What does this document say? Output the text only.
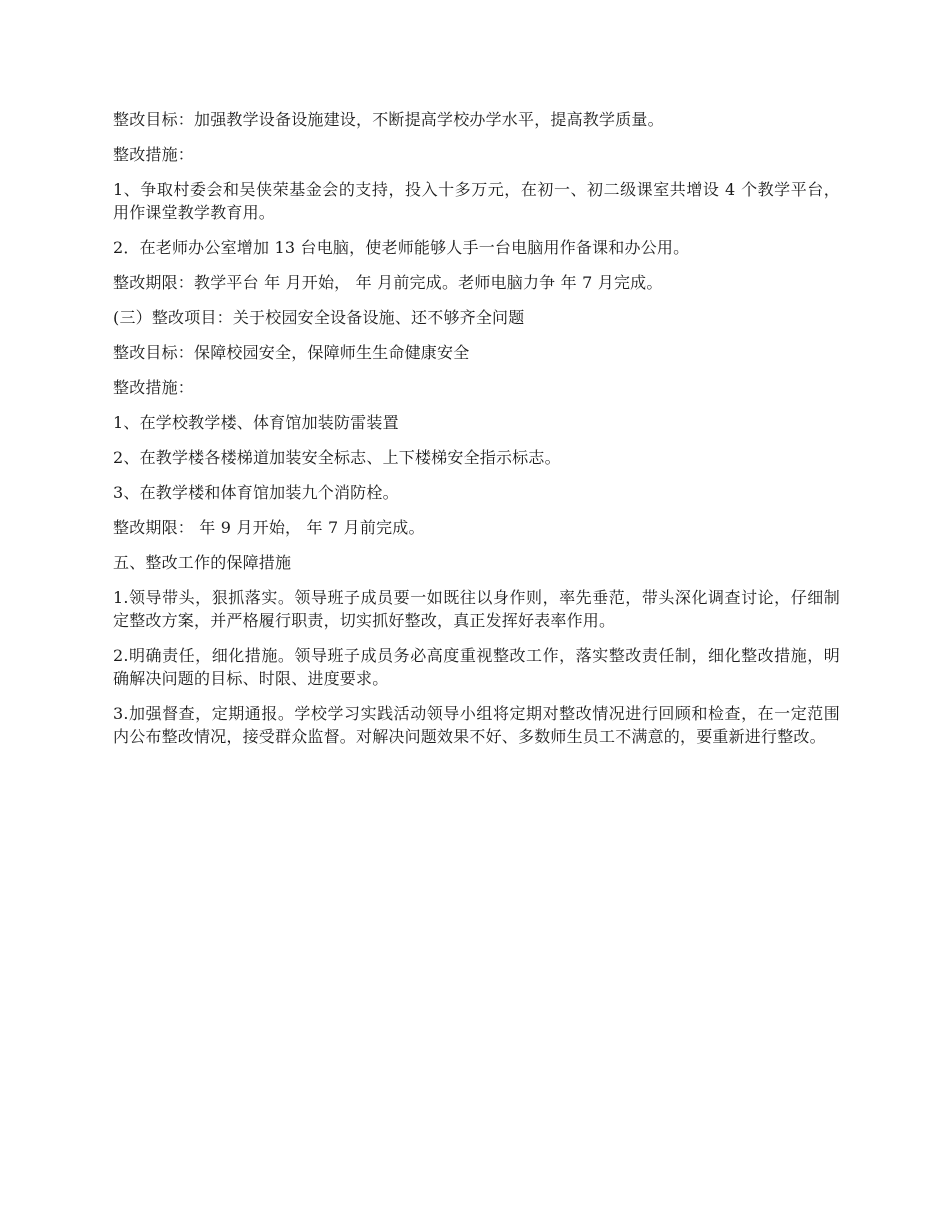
整改目标：加强教学设备设施建设，不断提高学校办学水平，提高教学质量。

整改措施：

1、争取村委会和吴侠荣基金会的支持，投入十多万元，在初一、初二级课室共增设 4 个教学平台，用作课堂教学教育用。

2．在老师办公室增加 13 台电脑，使老师能够人手一台电脑用作备课和办公用。

整改期限：教学平台 年 月开始， 年 月前完成。老师电脑力争 年 7 月完成。

(三）整改项目：关于校园安全设备设施、还不够齐全问题

整改目标：保障校园安全，保障师生生命健康安全

整改措施：

1、在学校教学楼、体育馆加装防雷装置

2、在教学楼各楼梯道加装安全标志、上下楼梯安全指示标志。

3、在教学楼和体育馆加装九个消防栓。

整改期限： 年 9 月开始， 年 7 月前完成。

五、整改工作的保障措施

1.领导带头，狠抓落实。领导班子成员要一如既往以身作则，率先垂范，带头深化调查讨论，仔细制定整改方案，并严格履行职责，切实抓好整改，真正发挥好表率作用。

2.明确责任，细化措施。领导班子成员务必高度重视整改工作，落实整改责任制，细化整改措施，明确解决问题的目标、时限、进度要求。

3.加强督查，定期通报。学校学习实践活动领导小组将定期对整改情况进行回顾和检查，在一定范围内公布整改情况，接受群众监督。对解决问题效果不好、多数师生员工不满意的，要重新进行整改。
